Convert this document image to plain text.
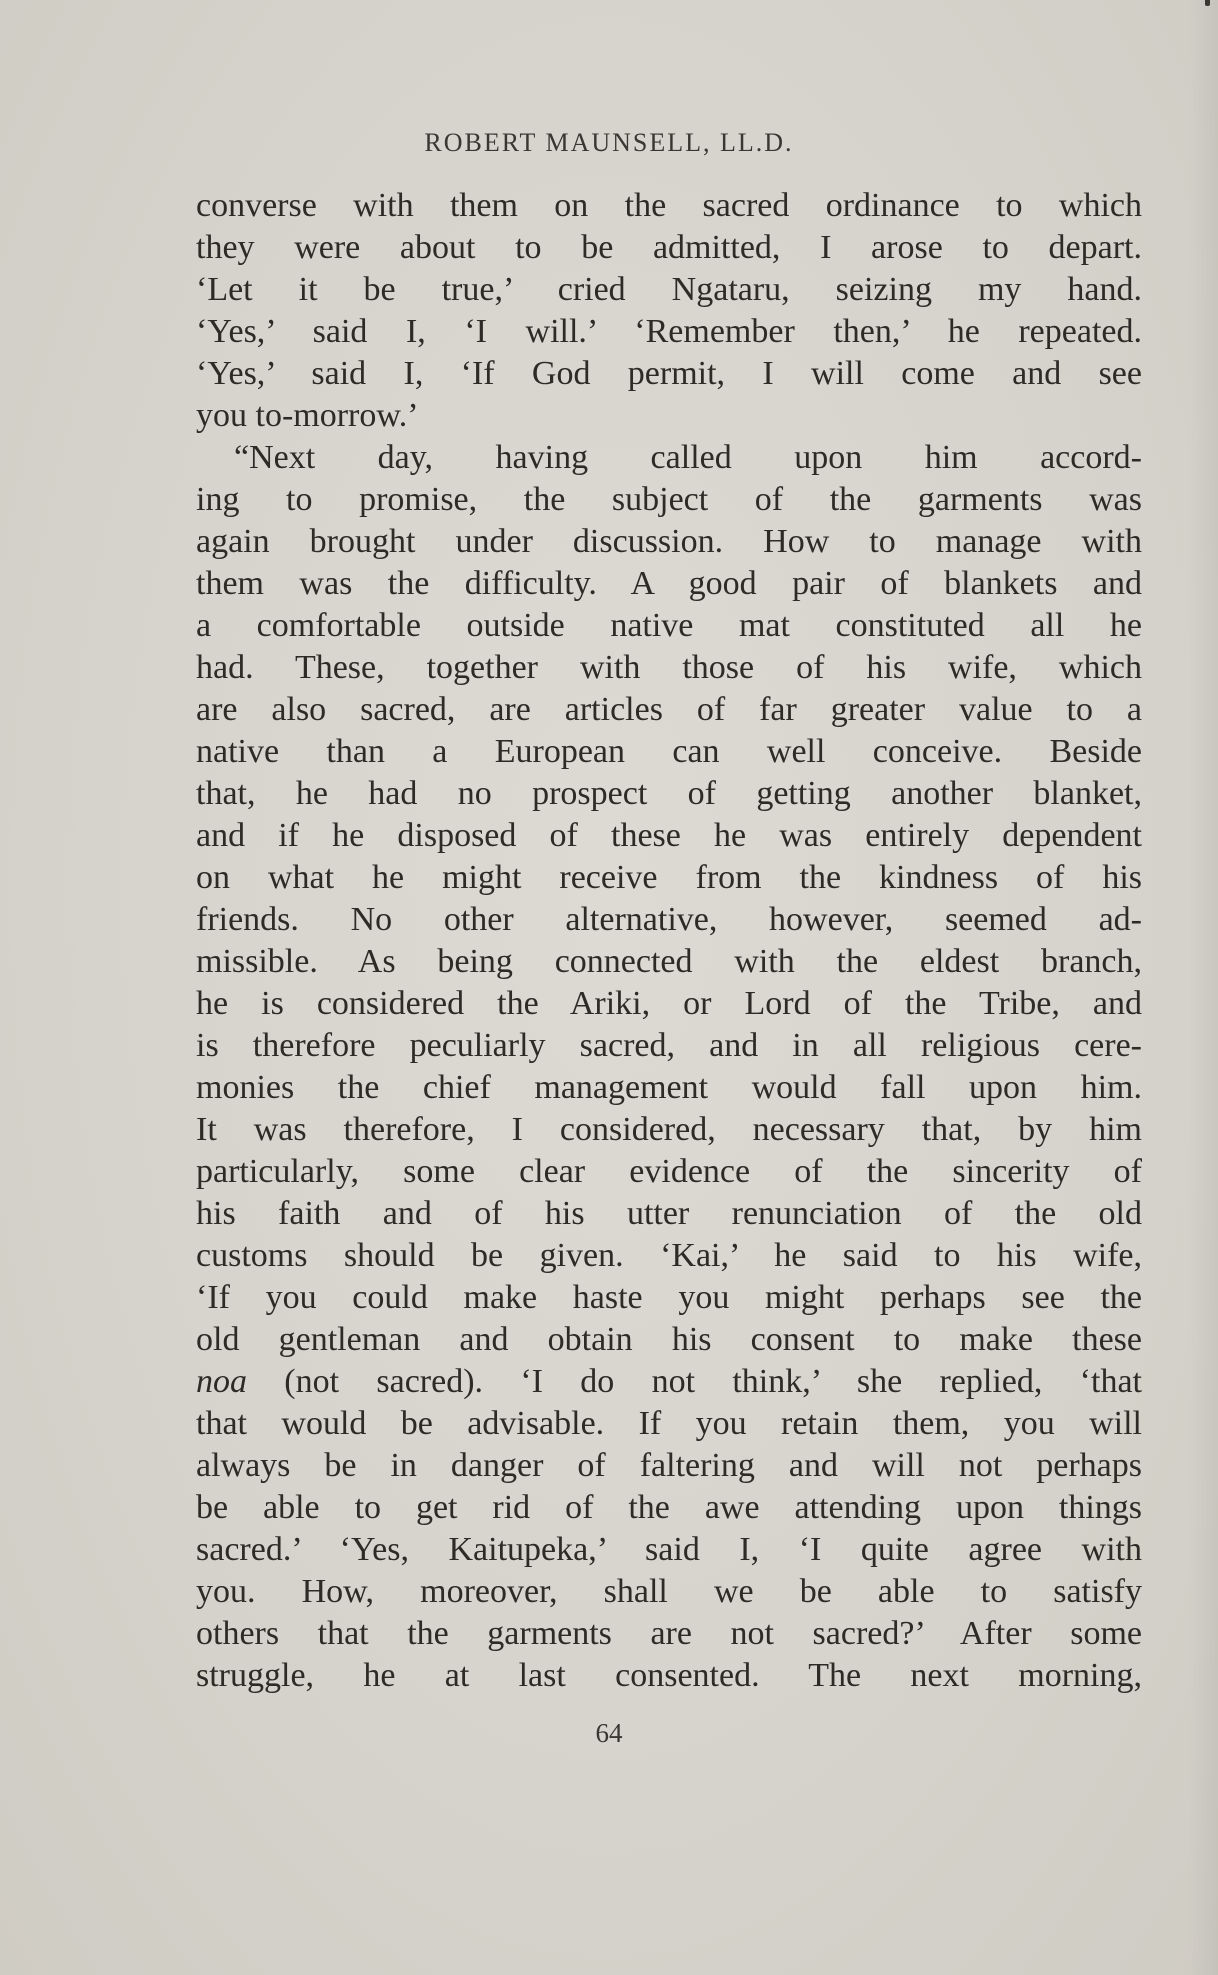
ROBERT MAUNSELL, LL.D.

converse with them on the sacred ordinance to which

they were about to be admitted, I arose to depart.

‘Let it be true,’ cried Ngataru, seizing my hand.

‘Yes,’ said I, ‘I will.’ ‘Remember then,’ he repeated.

‘Yes,’ said I, ‘If God permit, I will come and see

you to-morrow.’

“Next day, having called upon him accord-

ing to promise, the subject of the garments was

again brought under discussion. How to manage with

them was the difficulty. A good pair of blankets and

a comfortable outside native mat constituted all he

had. These, together with those of his wife, which

are also sacred, are articles of far greater value to a

native than a European can well conceive. Beside

that, he had no prospect of getting another blanket,

and if he disposed of these he was entirely dependent

on what he might receive from the kindness of his

friends. No other alternative, however, seemed ad-

missible. As being connected with the eldest branch,

he is considered the Ariki, or Lord of the Tribe, and

is therefore peculiarly sacred, and in all religious cere-

monies the chief management would fall upon him.

It was therefore, I considered, necessary that, by him

particularly, some clear evidence of the sincerity of

his faith and of his utter renunciation of the old

customs should be given. ‘Kai,’ he said to his wife,

‘If you could make haste you might perhaps see the

old gentleman and obtain his consent to make these

noa (not sacred). ‘I do not think,’ she replied, ‘that

that would be advisable. If you retain them, you will

always be in danger of faltering and will not perhaps

be able to get rid of the awe attending upon things

sacred.’ ‘Yes, Kaitupeka,’ said I, ‘I quite agree with

you. How, moreover, shall we be able to satisfy

others that the garments are not sacred?’ After some

struggle, he at last consented. The next morning,

64
